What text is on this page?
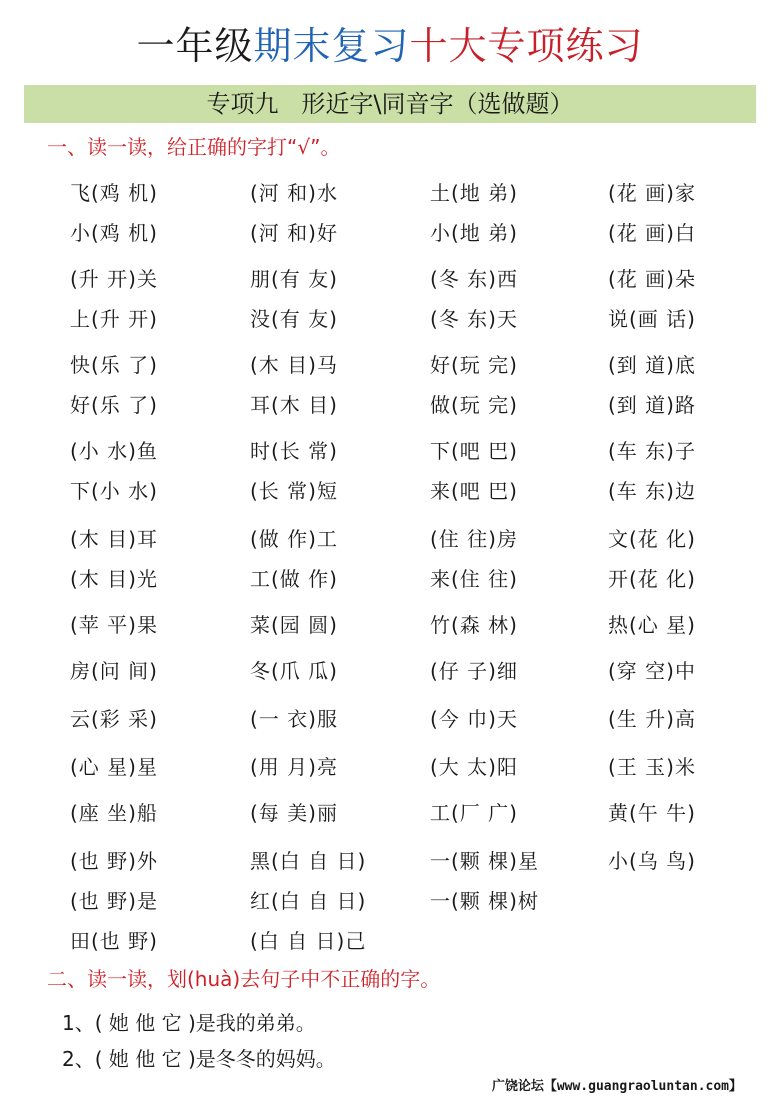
一年级期末复习十大专项练习
专项九   形近字\同音字（选做题）
一、读一读，给正确的字打“√”。
飞(鸡 机)	(河 和)水	土(地 弟)	(花 画)家
小(鸡 机)	(河 和)好	小(地 弟)	(花 画)白
(升 开)关	朋(有 友)	(冬 东)西	(花 画)朵
上(升 开)	没(有 友)	(冬 东)天	说(画 话)
快(乐 了)	(木 目)马	好(玩 完)	(到 道)底
好(乐 了)	耳(木 目)	做(玩 完)	(到 道)路
(小 水)鱼	时(长 常)	下(吧 巴)	(车 东)子
下(小 水)	(长 常)短	来(吧 巴)	(车 东)边
(木 目)耳	(做 作)工	(住 往)房	文(花 化)
(木 目)光	工(做 作)	来(住 往)	开(花 化)
(苹 平)果	菜(园 圆)	竹(森 林)	热(心 星)
房(问 间)	冬(爪 瓜)	(仔 子)细	(穿 空)中
云(彩 采)	(一 衣)服	(今 巾)天	(生 升)高
(心 星)星	(用 月)亮	(大 太)阳	(王 玉)米
(座 坐)船	(每 美)丽	工(厂 广)	黄(午 牛)
(也 野)外	黑(白 自 日)	一(颗 棵)星	小(乌 鸟)
(也 野)是	红(白 自 日)	一(颗 棵)树
田(也 野)	(白 自 日)己
二、读一读，划(huà)去句子中不正确的字。
1、( 她 他 它 )是我的弟弟。
2、( 她 他 它 )是冬冬的妈妈。
广饶论坛【www.guangraoluntan.com】
